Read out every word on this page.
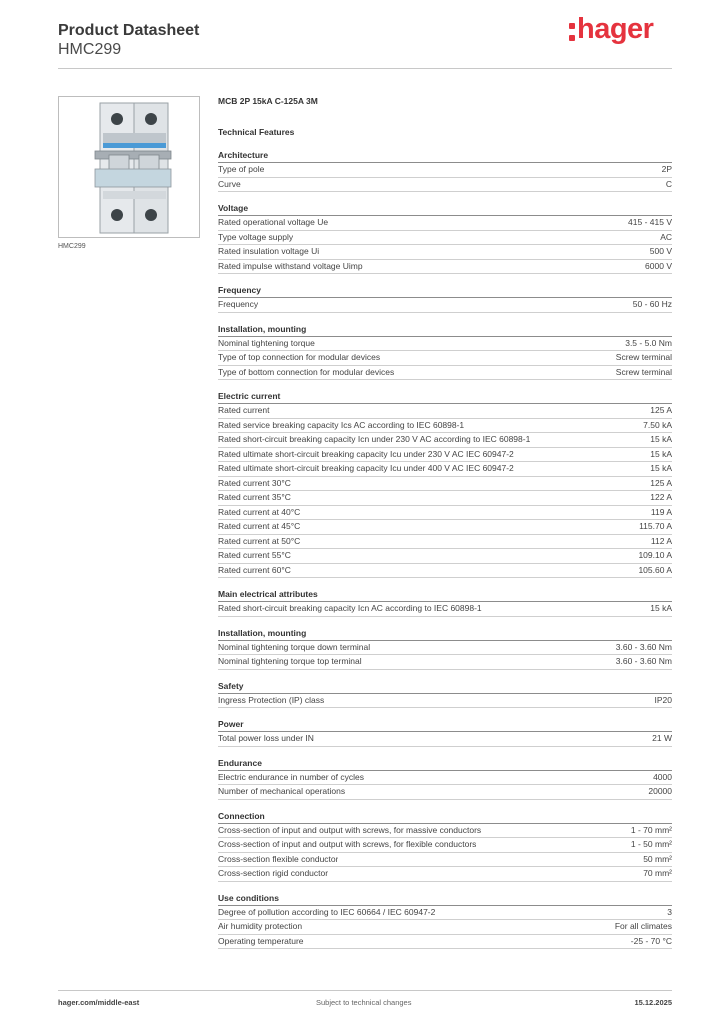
Product Datasheet
HMC299
hager
HMC299
MCB 2P 15kA C-125A 3M
Technical Features
Architecture
Type of pole	2P
Curve	C
Voltage
Rated operational voltage Ue	415 - 415 V
Type voltage supply	AC
Rated insulation voltage Ui	500 V
Rated impulse withstand voltage Uimp	6000 V
Frequency
Frequency	50 - 60 Hz
Installation, mounting
Nominal tightening torque	3.5 - 5.0 Nm
Type of top connection for modular devices	Screw terminal
Type of bottom connection for modular devices	Screw terminal
Electric current
Rated current	125 A
Rated service breaking capacity Ics AC according to IEC 60898-1	7.50 kA
Rated short-circuit breaking capacity Icn under 230 V AC according to IEC 60898-1	15 kA
Rated ultimate short-circuit breaking capacity Icu under 230 V AC IEC 60947-2	15 kA
Rated ultimate short-circuit breaking capacity Icu under 400 V AC IEC 60947-2	15 kA
Rated current 30°C	125 A
Rated current 35°C	122 A
Rated current at 40°C	119 A
Rated current at 45°C	115.70 A
Rated current at 50°C	112 A
Rated current 55°C	109.10 A
Rated current 60°C	105.60 A
Main electrical attributes
Rated short-circuit breaking capacity Icn AC according to IEC 60898-1	15 kA
Installation, mounting
Nominal tightening torque down terminal	3.60 - 3.60 Nm
Nominal tightening torque top terminal	3.60 - 3.60 Nm
Safety
Ingress Protection (IP) class	IP20
Power
Total power loss under IN	21 W
Endurance
Electric endurance in number of cycles	4000
Number of mechanical operations	20000
Connection
Cross-section of input and output with screws, for massive conductors	1 - 70 mm²
Cross-section of input and output with screws, for flexible conductors	1 - 50 mm²
Cross-section flexible conductor	50 mm²
Cross-section rigid conductor	70 mm²
Use conditions
Degree of pollution according to IEC 60664 / IEC 60947-2	3
Air humidity protection	For all climates
Operating temperature	-25 - 70 °C
hager.com/middle-east	Subject to technical changes	15.12.2025
